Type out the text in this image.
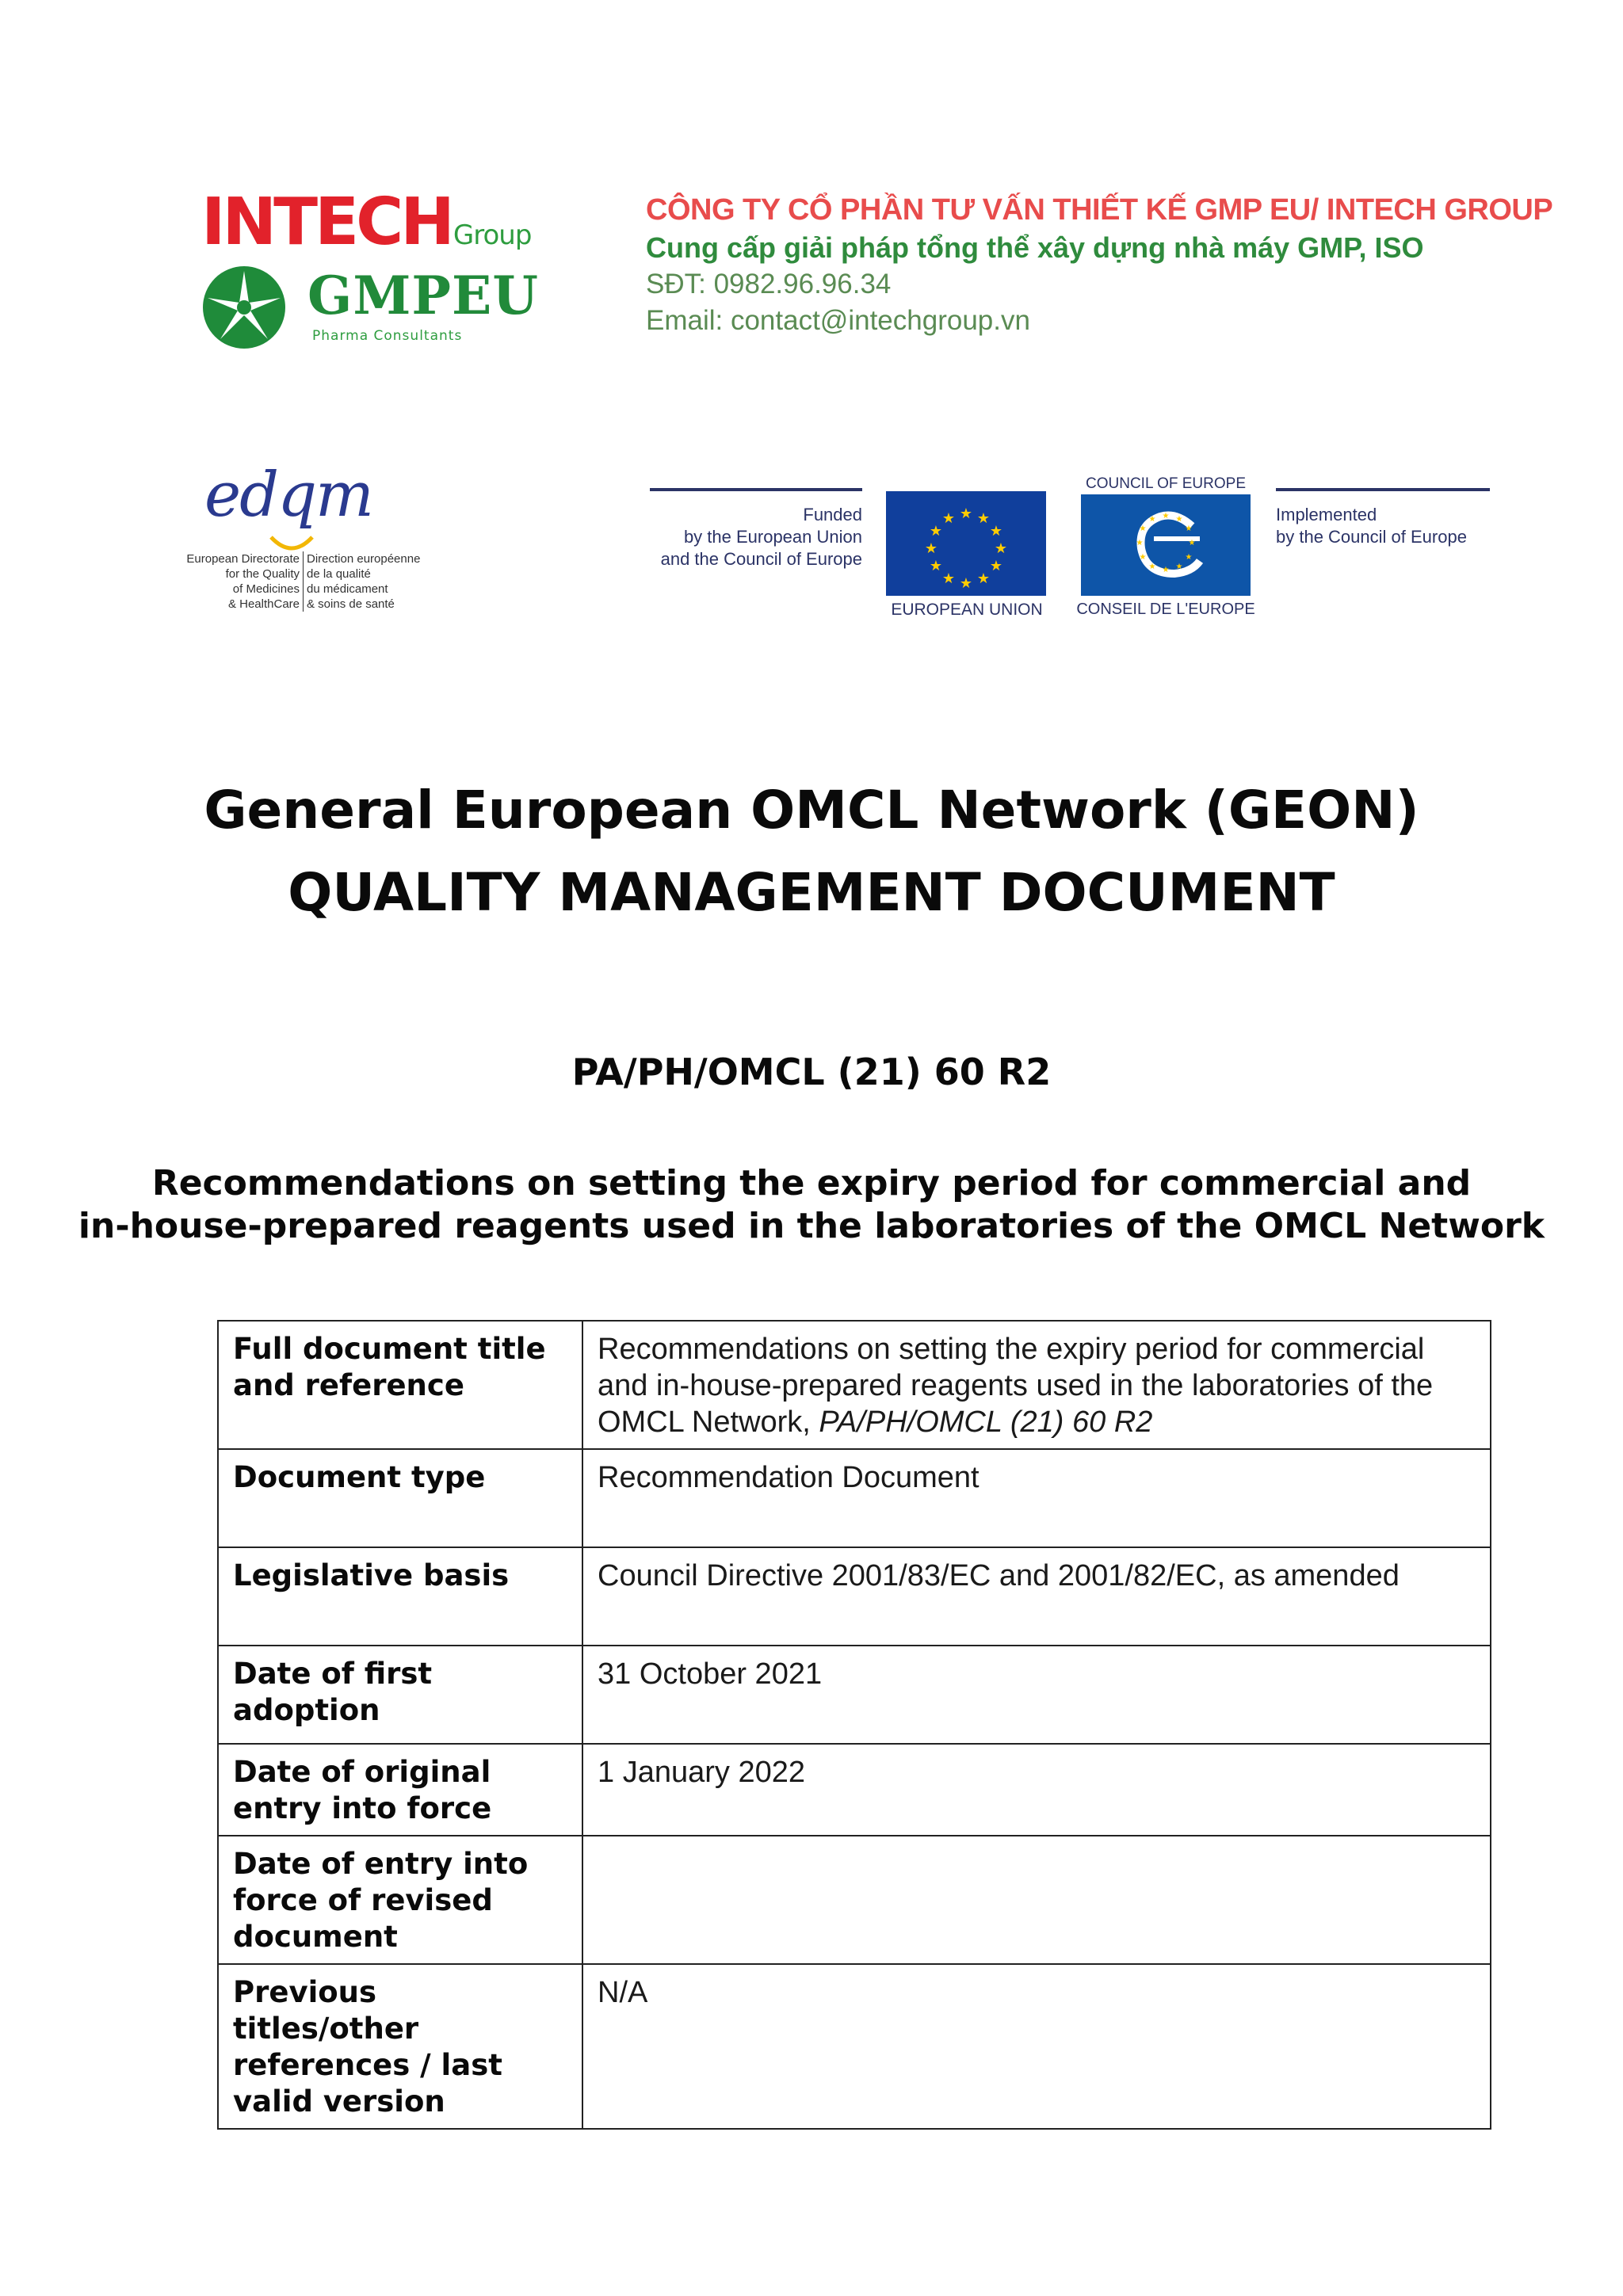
INTECHGroup
GMPEU
Pharma Consultants
CÔNG TY CỔ PHẦN TƯ VẤN THIẾT KẾ GMP EU/ INTECH GROUP
Cung cấp giải pháp tổng thể xây dựng nhà máy GMP, ISO
SĐT: 0982.96.96.34
Email: contact@intechgroup.vn
edqm
European Directorate
for the Quality
of Medicines
& HealthCare
Direction européenne
de la qualité
du médicament
& soins de santé
Funded
by the European Union
and the Council of Europe
★ ★
★
★
★
★
★
★
★
★
★
★
EUROPEAN UNION
COUNCIL OF EUROPE
★ ★
★
★
★
★
★
★
★
★
★
★
CONSEIL DE L'EUROPE
Implemented
by the Council of Europe
General European OMCL Network (GEON)
QUALITY MANAGEMENT DOCUMENT
PA/PH/OMCL (21) 60 R2
Recommendations on setting the expiry period for commercial and
in-house-prepared reagents used in the laboratories of the OMCL Network
Full document title and reference	Recommendations on setting the expiry period for commercial and in-house-prepared reagents used in the laboratories of the OMCL Network, PA/PH/OMCL (21) 60 R2
Document type	Recommendation Document
Legislative basis	Council Directive 2001/83/EC and 2001/82/EC, as amended
Date of first adoption	31 October 2021
Date of original entry into force	1 January 2022
Date of entry into force of revised document	
Previous titles/other references / last valid version	N/A
